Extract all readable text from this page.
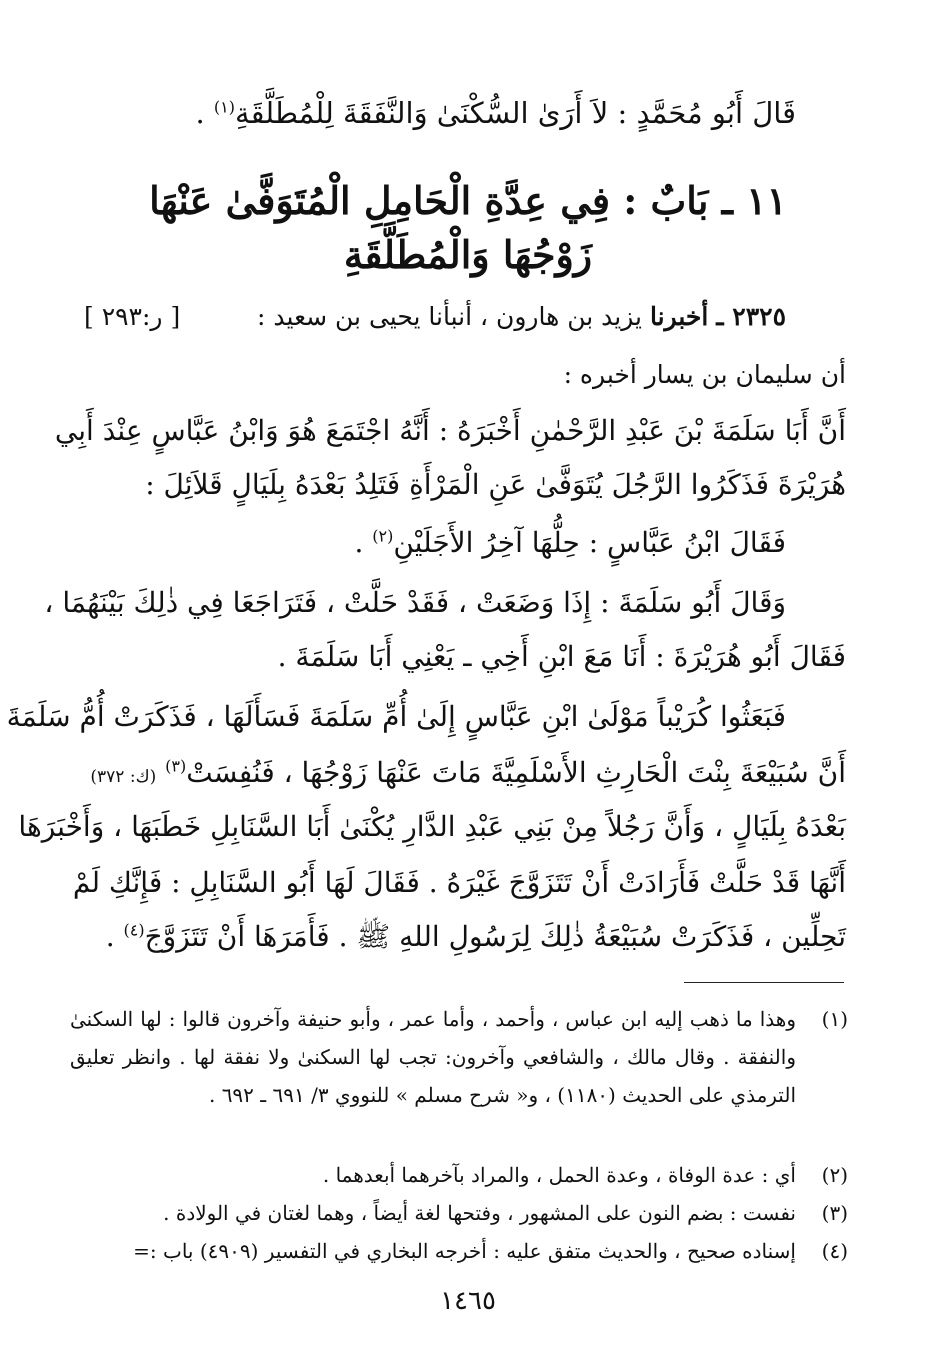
قَالَ أَبُو مُحَمَّدٍ : لاَ أَرَىٰ السُّكْنَىٰ وَالنَّفَقَةَ لِلْمُطَلَّقَةِ$^{(١)}$ .
١١ ـ بَابٌ : فِي عِدَّةِ الْحَامِلِ الْمُتَوَفَّىٰ عَنْهَا
زَوْجُهَا وَالْمُطَلَّقَةِ
٢٣٢٥ ـ أخبرنا يزيد بن هارون ، أنبأنا يحيى بن سعيد :
[ ر:٢٩٣ ]
أن سليمان بن يسار أخبره :
أَنَّ أَبَا سَلَمَةَ بْنَ عَبْدِ الرَّحْمٰنِ أَخْبَرَهُ : أَنَّهُ اجْتَمَعَ هُوَ وَابْنُ عَبَّاسٍ عِنْدَ أَبِي
هُرَيْرَةَ فَذَكَرُوا الرَّجُلَ يُتَوَفَّىٰ عَنِ الْمَرْأَةِ فَتَلِدُ بَعْدَهُ بِلَيَالٍ قَلاَئِلَ :
فَقَالَ ابْنُ عَبَّاسٍ : حِلُّهَا آخِرُ الأَجَلَيْنِ$^{(٢)}$ .
وَقَالَ أَبُو سَلَمَةَ : إِذَا وَضَعَتْ ، فَقَدْ حَلَّتْ ، فَتَرَاجَعَا فِي ذٰلِكَ بَيْنَهُمَا ،
فَقَالَ أَبُو هُرَيْرَةَ : أَنَا مَعَ ابْنِ أَخِي ـ يَعْنِي أَبَا سَلَمَةَ .
فَبَعَثُوا كُرَيْباً مَوْلَىٰ ابْنِ عَبَّاسٍ إِلَىٰ أُمِّ سَلَمَةَ فَسَأَلَهَا ، فَذَكَرَتْ أُمُّ سَلَمَةَ
أَنَّ سُبَيْعَةَ بِنْتَ الْحَارِثِ الأَسْلَمِيَّةَ مَاتَ عَنْهَا زَوْجُهَا ، فَنُفِسَتْ$^{(٣)}$ (ك: ٣٧٢)
بَعْدَهُ بِلَيَالٍ ، وَأَنَّ رَجُلاً مِنْ بَنِي عَبْدِ الدَّارِ يُكْنَىٰ أَبَا السَّنَابِلِ خَطَبَهَا ، وَأَخْبَرَهَا
أَنَّهَا قَدْ حَلَّتْ فَأَرَادَتْ أَنْ تَتَزَوَّجَ غَيْرَهُ . فَقَالَ لَهَا أَبُو السَّنَابِلِ : فَإِنَّكِ لَمْ
تَحِلِّين ، فَذَكَرَتْ سُبَيْعَةُ ذٰلِكَ لِرَسُولِ اللهِ ﷺ . فَأَمَرَهَا أَنْ تَتَزَوَّجَ$^{(٤)}$ .
(١)
وهذا ما ذهب إليه ابن عباس ، وأحمد ، وأما عمر ، وأبو حنيفة وآخرون قالوا : لها السكنىٰ والنفقة . وقال مالك ، والشافعي وآخرون: تجب لها السكنىٰ ولا نفقة لها . وانظر تعليق الترمذي على الحديث (١١٨٠) ، و« شرح مسلم » للنووي ٣/ ٦٩١ ـ ٦٩٢ .
(٢)
أي : عدة الوفاة ، وعدة الحمل ، والمراد بآخرهما أبعدهما .
(٣)
نفست : بضم النون على المشهور ، وفتحها لغة أيضاً ، وهما لغتان في الولادة .
(٤)
إسناده صحيح ، والحديث متفق عليه : أخرجه البخاري في التفسير (٤٩٠٩) باب :=
١٤٦٥
